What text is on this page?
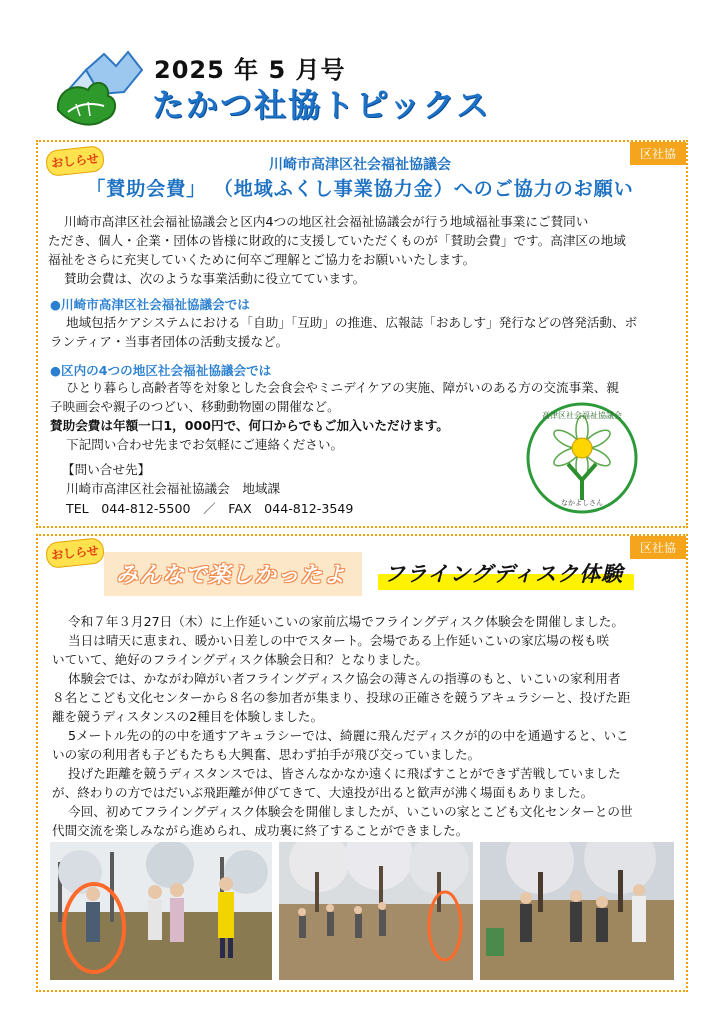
2025 年 5 月号
たかつ社協トピックス
区社協
おしらせ	川崎市高津区社会福祉協議会
「賛助会費」 （地域ふくし事業協力金）へのご協力のお願い
川崎市高津区社会福祉協議会と区内4つの地区社会福祉協議会が行う地域福祉事業にご賛同い
ただき、個人・企業・団体の皆様に財政的に支援していただくものが「賛助会費」です。高津区の地域
福祉をさらに充実していくために何卒ご理解とご協力をお願いいたします。
賛助会費は、次のような事業活動に役立てています。
●川崎市高津区社会福祉協議会では
地域包括ケアシステムにおける「自助」「互助」の推進、広報誌「おあしす」発行などの啓発活動、ボ
ランティア・当事者団体の活動支援など。
●区内の4つの地区社会福祉協議会では
ひとり暮らし高齢者等を対象とした会食会やミニデイケアの実施、障がいのある方の交流事業、親
子映画会や親子のつどい、移動動物園の開催など。
賛助会費は年額一口1，000円で、何口からでもご加入いただけます。
下記問い合わせ先までお気軽にご連絡ください。
【問い合せ先】
川崎市高津区社会福祉協議会　地域課
TEL　044-812-5500　／　FAX　044-812-3549
高津区社会福祉協議会
なかよしさん
区社協
おしらせ
みんなで楽しかったよ フライングディスク体験
令和７年３月27日（木）に上作延いこいの家前広場でフライングディスク体験会を開催しました。
当日は晴天に恵まれ、暖かい日差しの中でスタート。会場である上作延いこいの家広場の桜も咲
いていて、絶好のフライングディスク体験会日和？となりました。
体験会では、かながわ障がい者フライングディスク協会の薄さんの指導のもと、いこいの家利用者
８名とこども文化センターから８名の参加者が集まり、投球の正確さを競うアキュラシーと、投げた距
離を競うディスタンスの2種目を体験しました。
5メートル先の的の中を通すアキュラシーでは、綺麗に飛んだディスクが的の中を通過すると、いこ
いの家の利用者も子どもたちも大興奮、思わず拍手が飛び交っていました。
投げた距離を競うディスタンスでは、皆さんなかなか遠くに飛ばすことができず苦戦していました
が、終わりの方ではだいぶ飛距離が伸びてきて、大遠投が出ると歓声が沸く場面もありました。
今回、初めてフライングディスク体験会を開催しましたが、いこいの家とこども文化センターとの世
代間交流を楽しみながら進められ、成功裏に終了することができました。
